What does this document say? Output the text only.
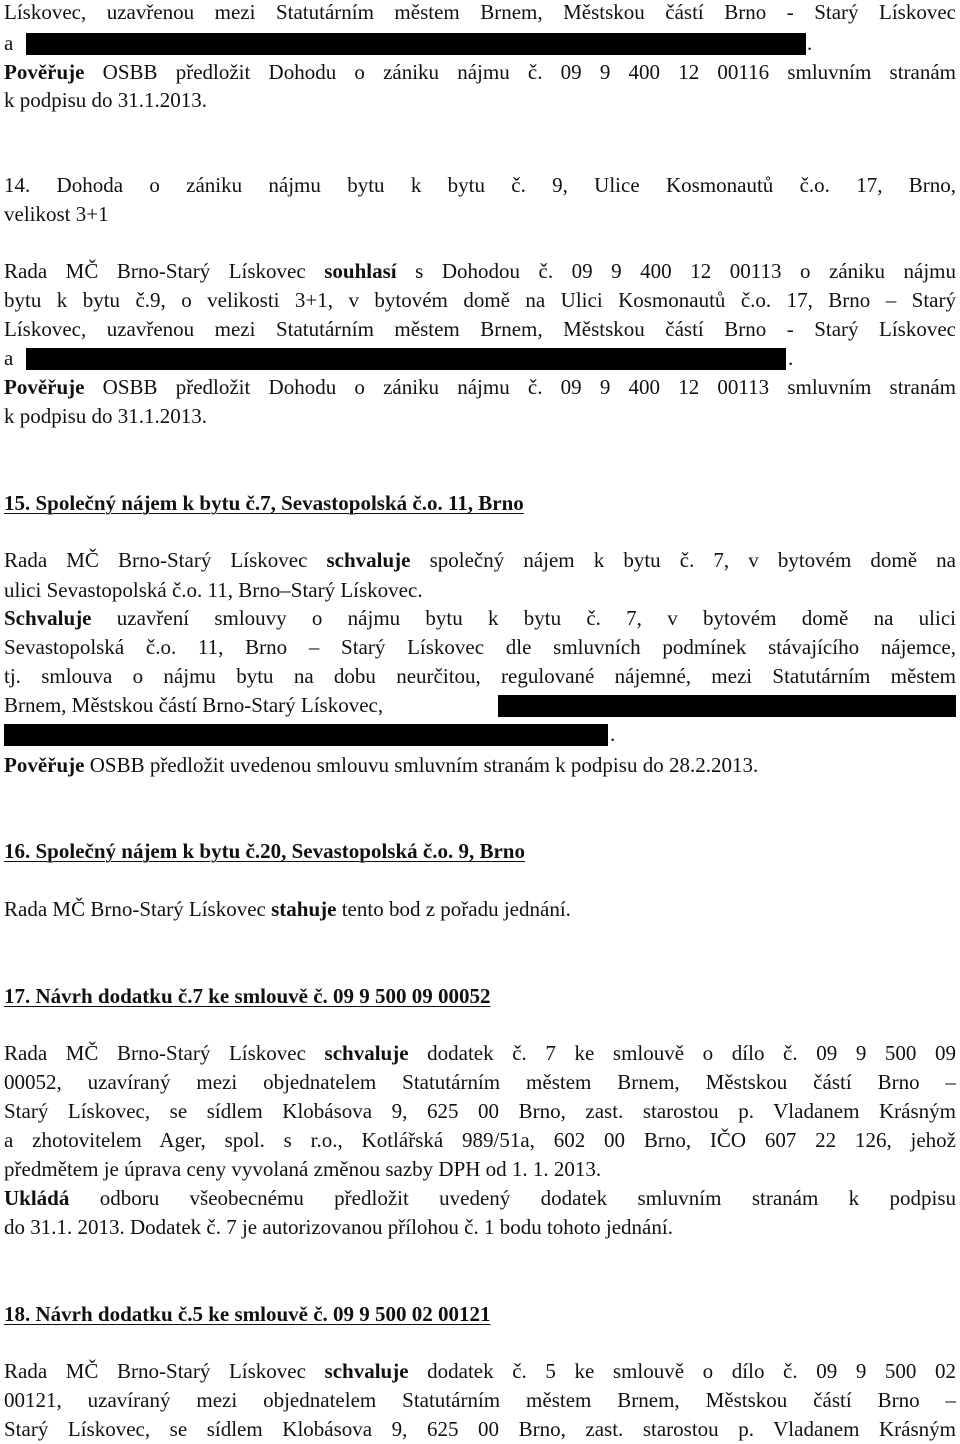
Lískovec, uzavřenou mezi Statutárním městem Brnem, Městskou částí Brno - Starý Lískovec
a	.
Pověřuje OSBB předložit Dohodu o zániku nájmu č. 09 9 400 12 00116 smluvním stranám
k podpisu do 31.1.2013.
14. Dohoda o zániku nájmu bytu k bytu č. 9, Ulice Kosmonautů č.o. 17, Brno,
velikost 3+1
Rada MČ Brno-Starý Lískovec souhlasí s Dohodou č. 09 9 400 12 00113 o zániku nájmu
bytu k bytu č.9, o velikosti 3+1, v bytovém domě na Ulici Kosmonautů č.o. 17, Brno – Starý
Lískovec, uzavřenou mezi Statutárním městem Brnem, Městskou částí Brno - Starý Lískovec
a	.
Pověřuje OSBB předložit Dohodu o zániku nájmu č. 09 9 400 12 00113 smluvním stranám
k podpisu do 31.1.2013.
15. Společný nájem k bytu č.7, Sevastopolská č.o. 11, Brno
Rada MČ Brno-Starý Lískovec schvaluje společný nájem k bytu č. 7, v bytovém domě na
ulici Sevastopolská č.o. 11, Brno–Starý Lískovec.
Schvaluje uzavření smlouvy o nájmu bytu k bytu č. 7, v bytovém domě na ulici
Sevastopolská č.o. 11, Brno – Starý Lískovec dle smluvních podmínek stávajícího nájemce,
tj. smlouva o nájmu bytu na dobu neurčitou, regulované nájemné, mezi Statutárním městem
Brnem, Městskou částí Brno-Starý Lískovec,
.
Pověřuje OSBB předložit uvedenou smlouvu smluvním stranám k podpisu do 28.2.2013.
16. Společný nájem k bytu č.20, Sevastopolská č.o. 9, Brno
Rada MČ Brno-Starý Lískovec stahuje tento bod z pořadu jednání.
17. Návrh dodatku č.7 ke smlouvě č. 09 9 500 09 00052
Rada MČ Brno-Starý Lískovec schvaluje dodatek č. 7 ke smlouvě o dílo č. 09 9 500 09
00052, uzavíraný mezi objednatelem Statutárním městem Brnem, Městskou částí Brno –
Starý Lískovec, se sídlem Klobásova 9, 625 00 Brno, zast. starostou p. Vladanem Krásným
a zhotovitelem Ager, spol. s r.o., Kotlářská 989/51a, 602 00 Brno, IČO 607 22 126, jehož
předmětem je úprava ceny vyvolaná změnou sazby DPH od 1. 1. 2013.
Ukládá odboru všeobecnému předložit uvedený dodatek smluvním stranám k podpisu
do 31.1. 2013. Dodatek č. 7 je autorizovanou přílohou č. 1 bodu tohoto jednání.
18. Návrh dodatku č.5 ke smlouvě č. 09 9 500 02 00121
Rada MČ Brno-Starý Lískovec schvaluje dodatek č. 5 ke smlouvě o dílo č. 09 9 500 02
00121, uzavíraný mezi objednatelem Statutárním městem Brnem, Městskou částí Brno –
Starý Lískovec, se sídlem Klobásova 9, 625 00 Brno, zast. starostou p. Vladanem Krásným
